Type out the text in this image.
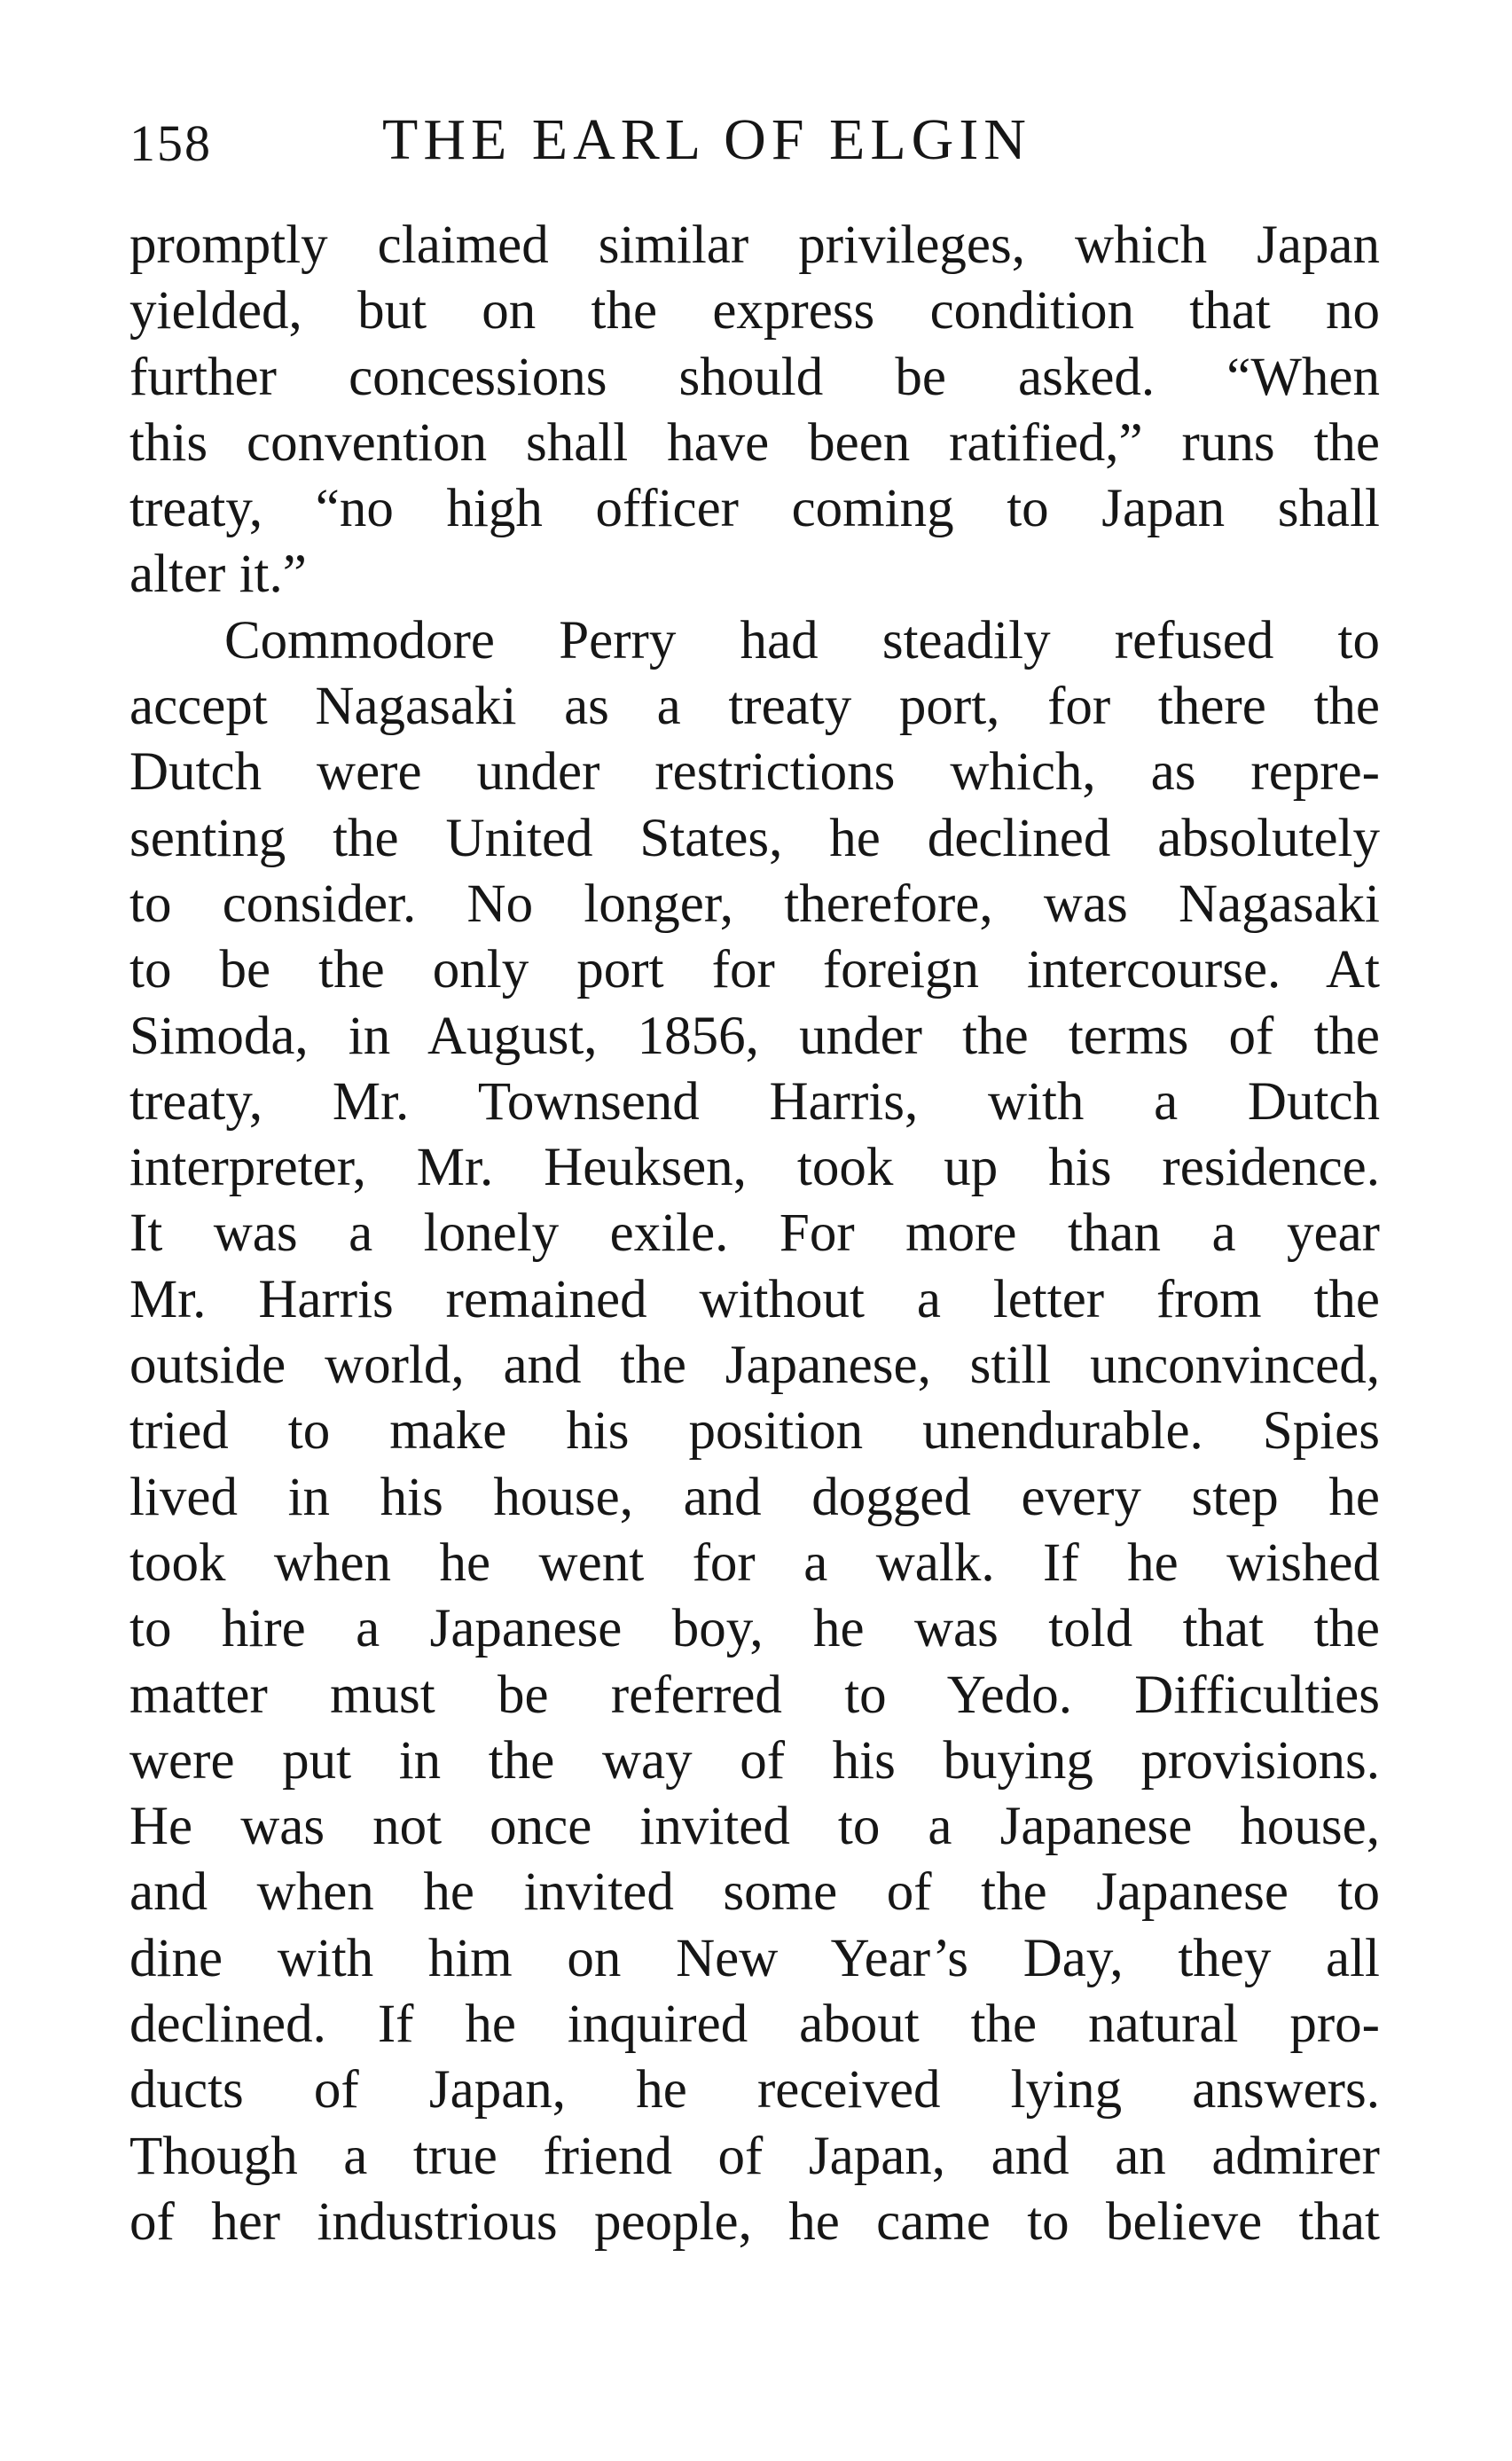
158	THE EARL OF ELGIN
promptly claimed similar privileges, which Japan
yielded, but on the express condition that no
further concessions should be asked. “When
this convention shall have been ratified,” runs the
treaty, “no high officer coming to Japan shall
alter it.”
Commodore Perry had steadily refused to
accept Nagasaki as a treaty port, for there the
Dutch were under restrictions which, as repre-
senting the United States, he declined absolutely
to consider. No longer, therefore, was Nagasaki
to be the only port for foreign intercourse. At
Simoda, in August, 1856, under the terms of the
treaty, Mr. Townsend Harris, with a Dutch
interpreter, Mr. Heuksen, took up his residence.
It was a lonely exile. For more than a year
Mr. Harris remained without a letter from the
outside world, and the Japanese, still unconvinced,
tried to make his position unendurable. Spies
lived in his house, and dogged every step he
took when he went for a walk. If he wished
to hire a Japanese boy, he was told that the
matter must be referred to Yedo. Difficulties
were put in the way of his buying provisions.
He was not once invited to a Japanese house,
and when he invited some of the Japanese to
dine with him on New Year’s Day, they all
declined. If he inquired about the natural pro-
ducts of Japan, he received lying answers.
Though a true friend of Japan, and an admirer
of her industrious people, he came to believe that
